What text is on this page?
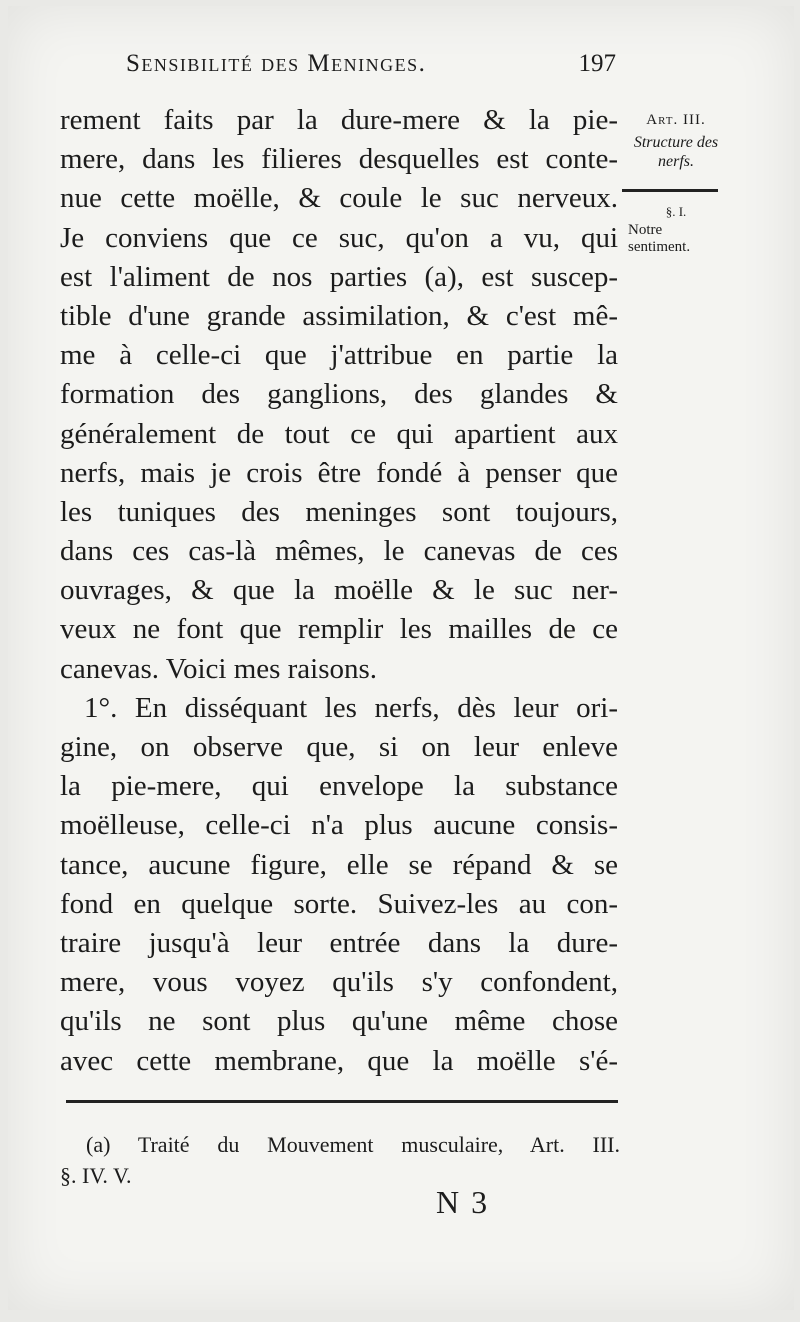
Sensibilité des Meninges.	197
Art. III.
Structure des nerfs.
§. I.
Notre sentiment.
rement faits par la dure-mere & la pie-
mere, dans les filieres desquelles est conte-
nue cette moëlle, & coule le suc nerveux.
Je conviens que ce suc, qu'on a vu, qui
est l'aliment de nos parties (a), est suscep-
tible d'une grande assimilation, & c'est mê-
me à celle-ci que j'attribue en partie la
formation des ganglions, des glandes &
généralement de tout ce qui apartient aux
nerfs, mais je crois être fondé à penser que
les tuniques des meninges sont toujours,
dans ces cas-là mêmes, le canevas de ces
ouvrages, & que la moëlle & le suc ner-
veux ne font que remplir les mailles de ce
canevas. Voici mes raisons.
1°. En disséquant les nerfs, dès leur ori-
gine, on observe que, si on leur enleve
la pie-mere, qui envelope la substance
moëlleuse, celle-ci n'a plus aucune consis-
tance, aucune figure, elle se répand & se
fond en quelque sorte. Suivez-les au con-
traire jusqu'à leur entrée dans la dure-
mere, vous voyez qu'ils s'y confondent,
qu'ils ne sont plus qu'une même chose
avec cette membrane, que la moëlle s'é-
(a) Traité du Mouvement musculaire, Art. III.
§. IV. V.
N 3
